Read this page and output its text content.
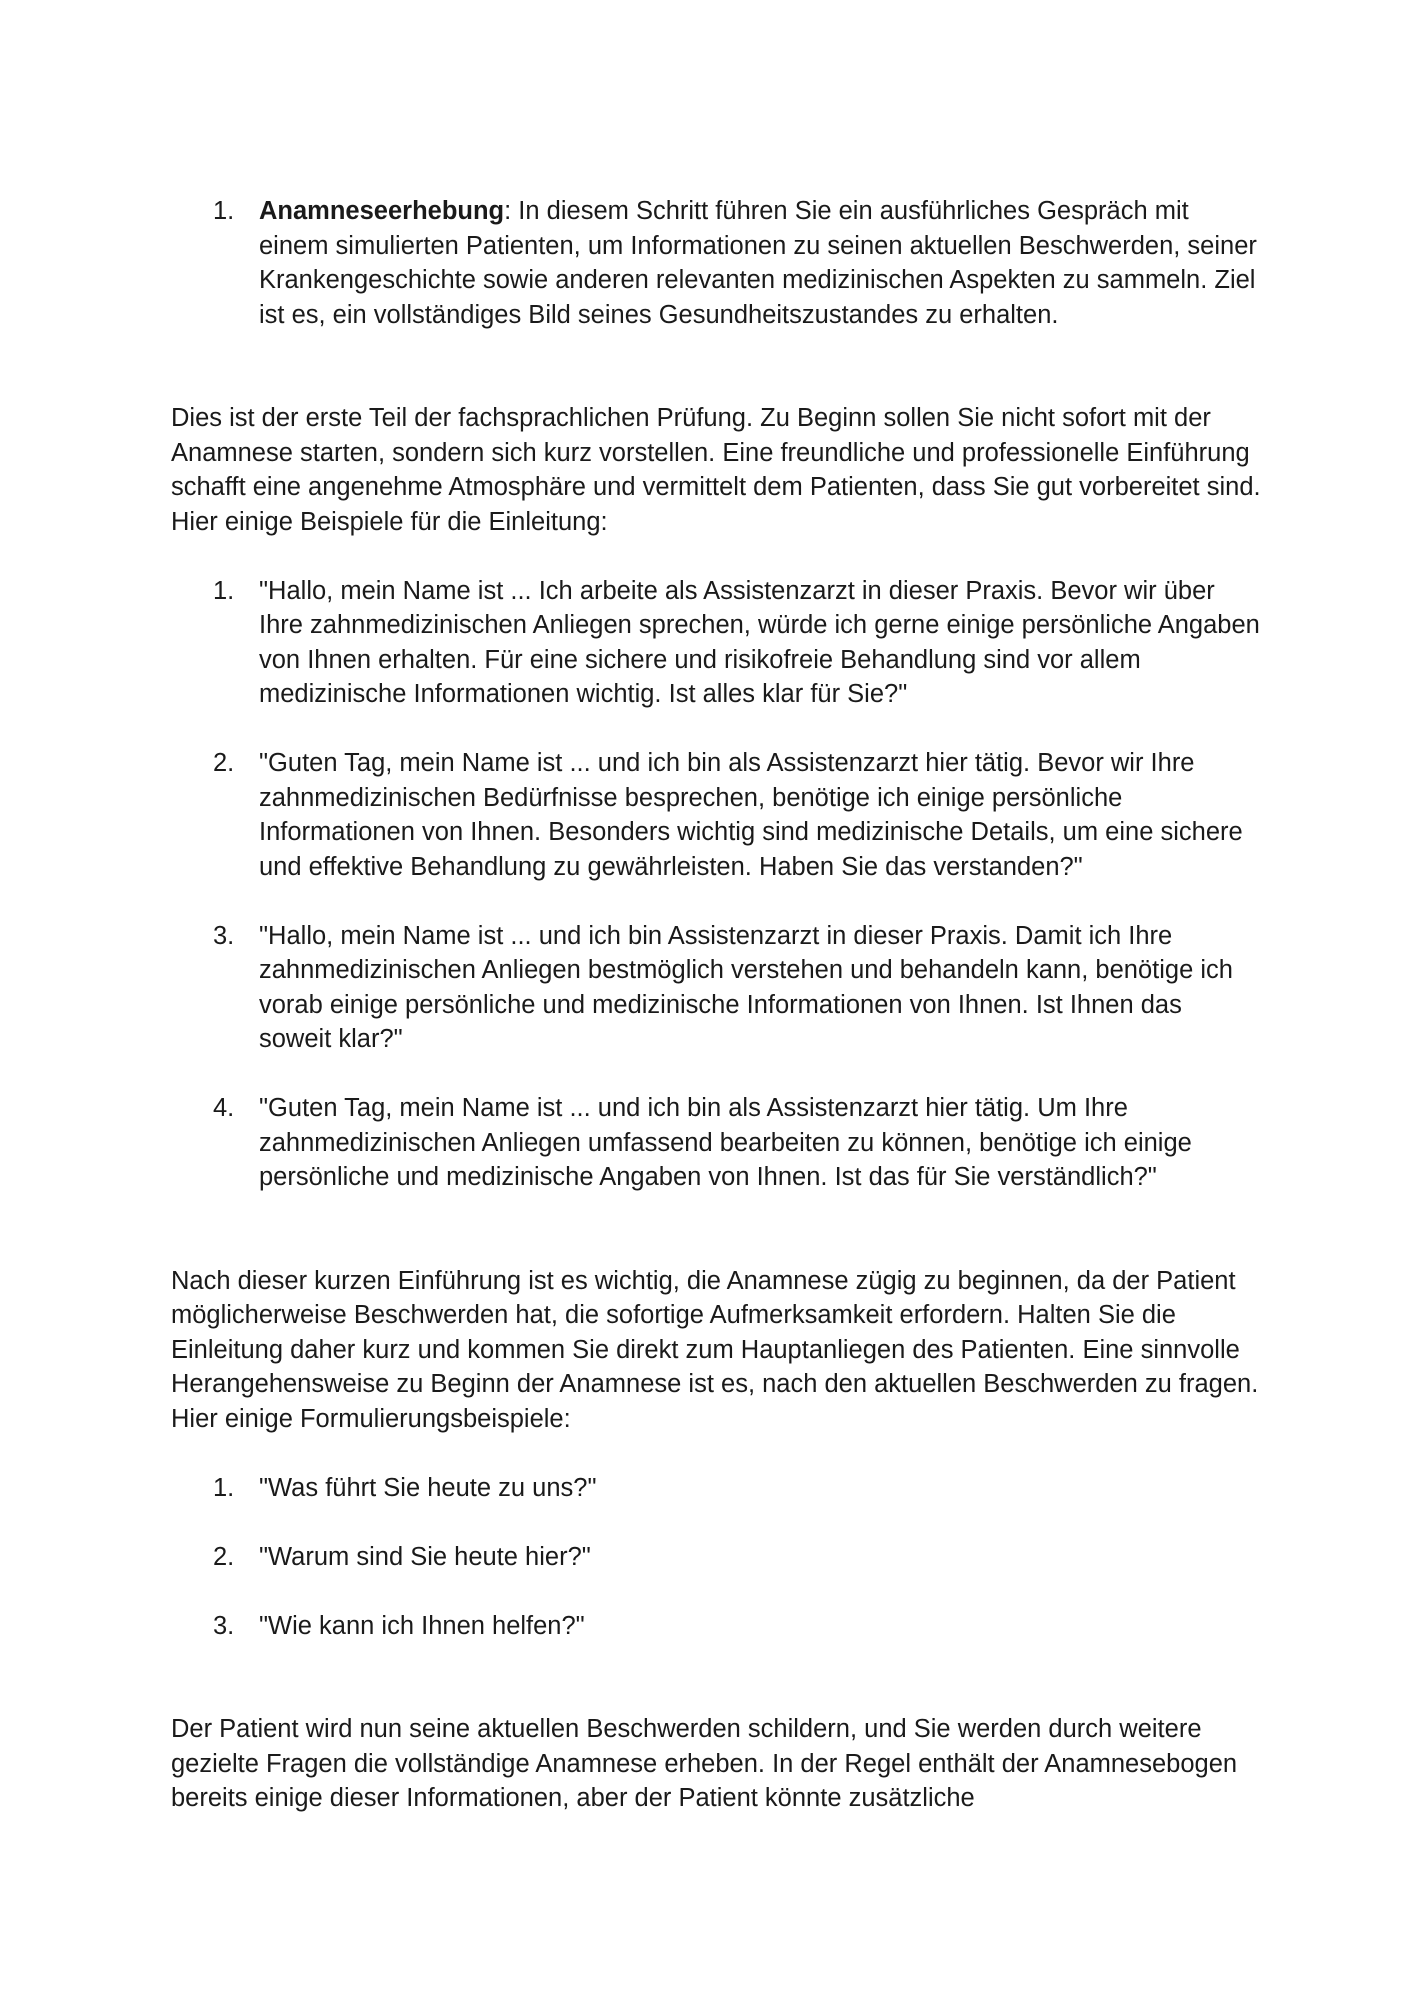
1. Anamneseerhebung: In diesem Schritt führen Sie ein ausführliches Gespräch mit einem simulierten Patienten, um Informationen zu seinen aktuellen Beschwerden, seiner Krankengeschichte sowie anderen relevanten medizinischen Aspekten zu sammeln. Ziel ist es, ein vollständiges Bild seines Gesundheitszustandes zu erhalten.

Dies ist der erste Teil der fachsprachlichen Prüfung. Zu Beginn sollen Sie nicht sofort mit der Anamnese starten, sondern sich kurz vorstellen. Eine freundliche und professionelle Einführung schafft eine angenehme Atmosphäre und vermittelt dem Patienten, dass Sie gut vorbereitet sind. Hier einige Beispiele für die Einleitung:

1. "Hallo, mein Name ist ... Ich arbeite als Assistenzarzt in dieser Praxis. Bevor wir über Ihre zahnmedizinischen Anliegen sprechen, würde ich gerne einige persönliche Angaben von Ihnen erhalten. Für eine sichere und risikofreie Behandlung sind vor allem medizinische Informationen wichtig. Ist alles klar für Sie?"
2. "Guten Tag, mein Name ist ... und ich bin als Assistenzarzt hier tätig. Bevor wir Ihre zahnmedizinischen Bedürfnisse besprechen, benötige ich einige persönliche Informationen von Ihnen. Besonders wichtig sind medizinische Details, um eine sichere und effektive Behandlung zu gewährleisten. Haben Sie das verstanden?"
3. "Hallo, mein Name ist ... und ich bin Assistenzarzt in dieser Praxis. Damit ich Ihre zahnmedizinischen Anliegen bestmöglich verstehen und behandeln kann, benötige ich vorab einige persönliche und medizinische Informationen von Ihnen. Ist Ihnen das soweit klar?"
4. "Guten Tag, mein Name ist ... und ich bin als Assistenzarzt hier tätig. Um Ihre zahnmedizinischen Anliegen umfassend bearbeiten zu können, benötige ich einige persönliche und medizinische Angaben von Ihnen. Ist das für Sie verständlich?"

Nach dieser kurzen Einführung ist es wichtig, die Anamnese zügig zu beginnen, da der Patient möglicherweise Beschwerden hat, die sofortige Aufmerksamkeit erfordern. Halten Sie die Einleitung daher kurz und kommen Sie direkt zum Hauptanliegen des Patienten. Eine sinnvolle Herangehensweise zu Beginn der Anamnese ist es, nach den aktuellen Beschwerden zu fragen. Hier einige Formulierungsbeispiele:

1. "Was führt Sie heute zu uns?"
2. "Warum sind Sie heute hier?"
3. "Wie kann ich Ihnen helfen?"

Der Patient wird nun seine aktuellen Beschwerden schildern, und Sie werden durch weitere gezielte Fragen die vollständige Anamnese erheben. In der Regel enthält der Anamnesebogen bereits einige dieser Informationen, aber der Patient könnte zusätzliche
